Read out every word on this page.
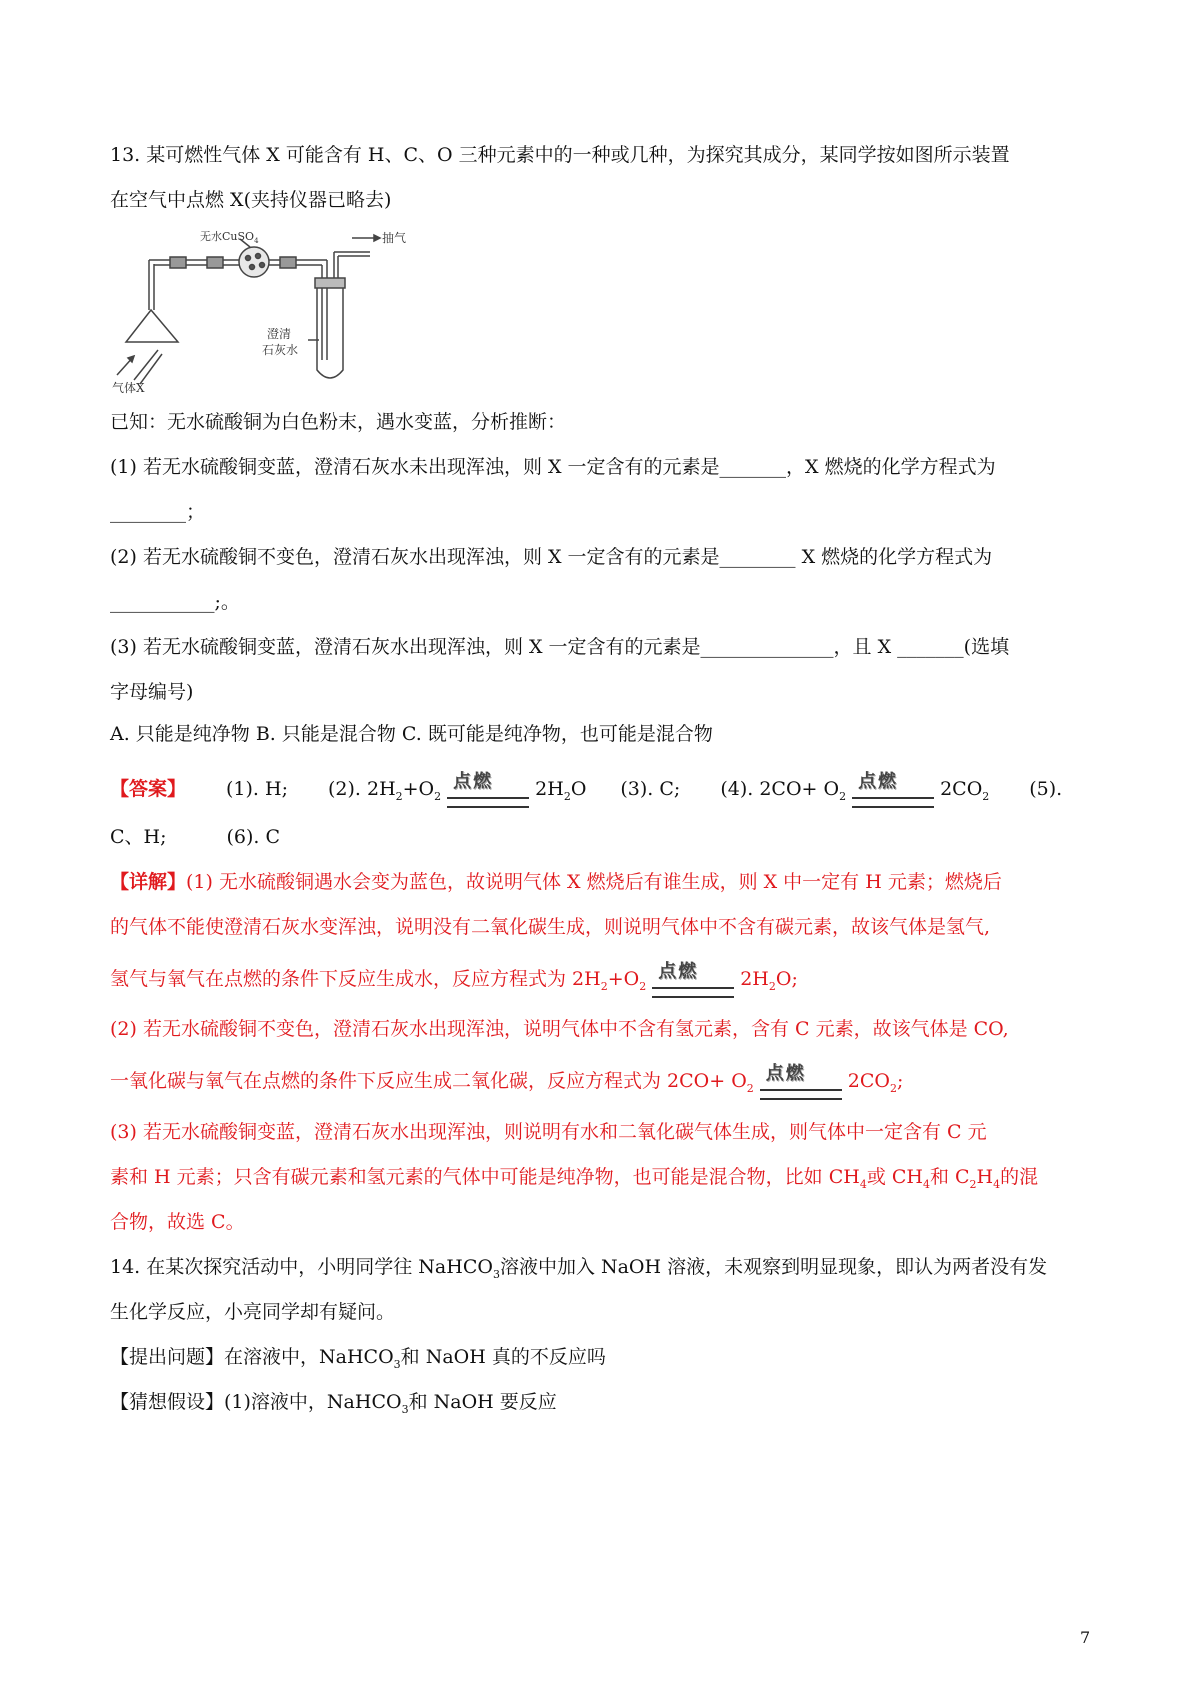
13. 某可燃性气体 X 可能含有 H、C、O 三种元素中的一种或几种，为探究其成分，某同学按如图所示装置
在空气中点燃 X(夹持仪器已略去)
无水CuSO$_4$	抽气
澄清
石灰水
气体X
已知：无水硫酸铜为白色粉末，遇水变蓝，分析推断：
(1) 若无水硫酸铜变蓝，澄清石灰水未出现浑浊，则 X 一定含有的元素是_______，X 燃烧的化学方程式为
________；
(2) 若无水硫酸铜不变色，澄清石灰水出现浑浊，则 X 一定含有的元素是________ X 燃烧的化学方程式为
___________;。
(3) 若无水硫酸铜变蓝，澄清石灰水出现浑浊，则 X 一定含有的元素是______________，且 X _______(选填
字母编号)
A. 只能是纯净物 B. 只能是混合物 C. 既可能是纯净物，也可能是混合物
【答案】 (1). H; (2). $2H_2+O_2$
点燃 $2H_2O$ (3). C; (4). $2CO+ O_2$
点燃 $2CO_2$ (5).
C、H;	(6). C
【详解】(1) 无水硫酸铜遇水会变为蓝色，故说明气体 X 燃烧后有谁生成，则 X 中一定有 H 元素；燃烧后
的气体不能使澄清石灰水变浑浊，说明没有二氧化碳生成，则说明气体中不含有碳元素，故该气体是氢气,
氢气与氧气在点燃的条件下反应生成水，反应方程式为 $2H_2+O_2$
点燃 $2H_2O$;
(2) 若无水硫酸铜不变色，澄清石灰水出现浑浊，说明气体中不含有氢元素，含有 C 元素，故该气体是 CO,
一氧化碳与氧气在点燃的条件下反应生成二氧化碳，反应方程式为 $2CO+ O_2$
点燃 $2CO_2$;
(3) 若无水硫酸铜变蓝，澄清石灰水出现浑浊，则说明有水和二氧化碳气体生成，则气体中一定含有 C 元
素和 H 元素；只含有碳元素和氢元素的气体中可能是纯净物，也可能是混合物，比如 $CH_4$或 $CH_4$和 $C_2H_4$的混
合物，故选 C。
14. 在某次探究活动中，小明同学往 NaHCO$_3$溶液中加入 NaOH 溶液，未观察到明显现象，即认为两者没有发
生化学反应，小亮同学却有疑问。
【提出问题】在溶液中，NaHCO$_3$和 NaOH 真的不反应吗
【猜想假设】(1)溶液中，NaHCO$_3$和 NaOH 要反应
7
